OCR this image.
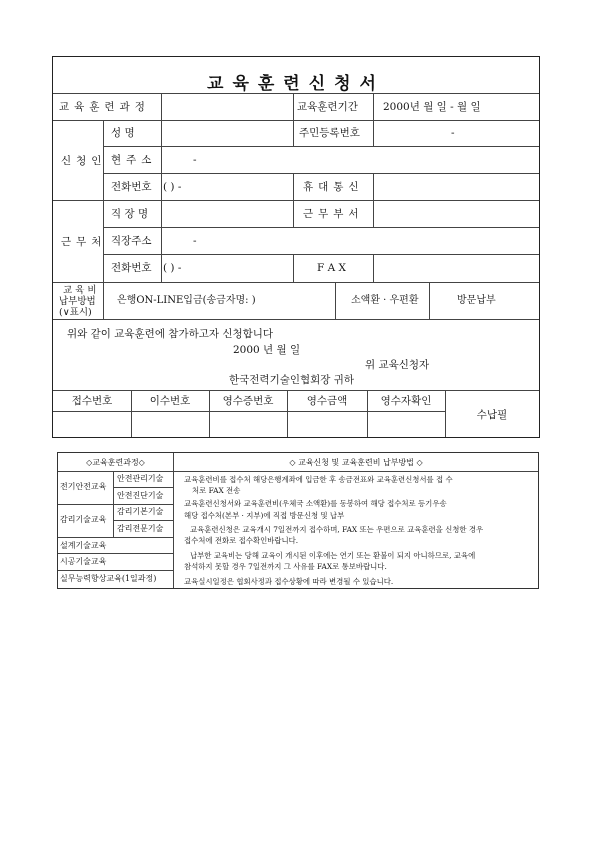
교육훈련신청서
교육훈련과정	교육훈련기간 2000년 월 일 - 월 일
신청인
성 명	주민등록번호	-
현주소	-
전화번호 ( ) -	휴대통신
근무처
직 장 명	근무부서
직장주소	-
전화번호 ( ) -	F A X
교 육 비
납부방법
(∨표시)
은행ON-LINE입금(송금자명: )	소액환 · 우편환	방문납부
위와 같이 교육훈련에 참가하고자 신청합니다
2000 년 월 일
위 교육신청자
한국전력기술인협회장 귀하
접수번호	이수번호	영수증번호	영수금액	영수자확인
수납필
◇교육훈련과정◇	◇ 교육신청 및 교육훈련비 납부방법 ◇
전기안전교육
안전관리기술
안전진단기술
감리기술교육
감리기본기술
감리전문기술
설계기술교육
시공기술교육
실무능력향상교육(1일과정)
교육훈련비를 접수처 해당은행계좌에 입금한 후 송금전표와 교육훈련신청서를 접 수
처로 FAX 전송
교육훈련신청서와 교육훈련비(우체국 소액환)를 동봉하여 해당 접수처로 등기우송
해당 접수처(본부 · 지부)에 직접 방문신청 및 납부
교육훈련신청은 교육개시 7일전까지 접수하며, FAX 또는 우편으로 교육훈련을 신청한 경우
접수처에 전화로 접수확인바랍니다.
납부한 교육비는 당해 교육이 개시된 이후에는 연기 또는 환불이 되지 아니하므로, 교육에
참석하지 못할 경우 7일전까지 그 사유를 FAX로 통보바랍니다.
교육실시일정은 협회사정과 접수상황에 따라 변경될 수 있습니다.
